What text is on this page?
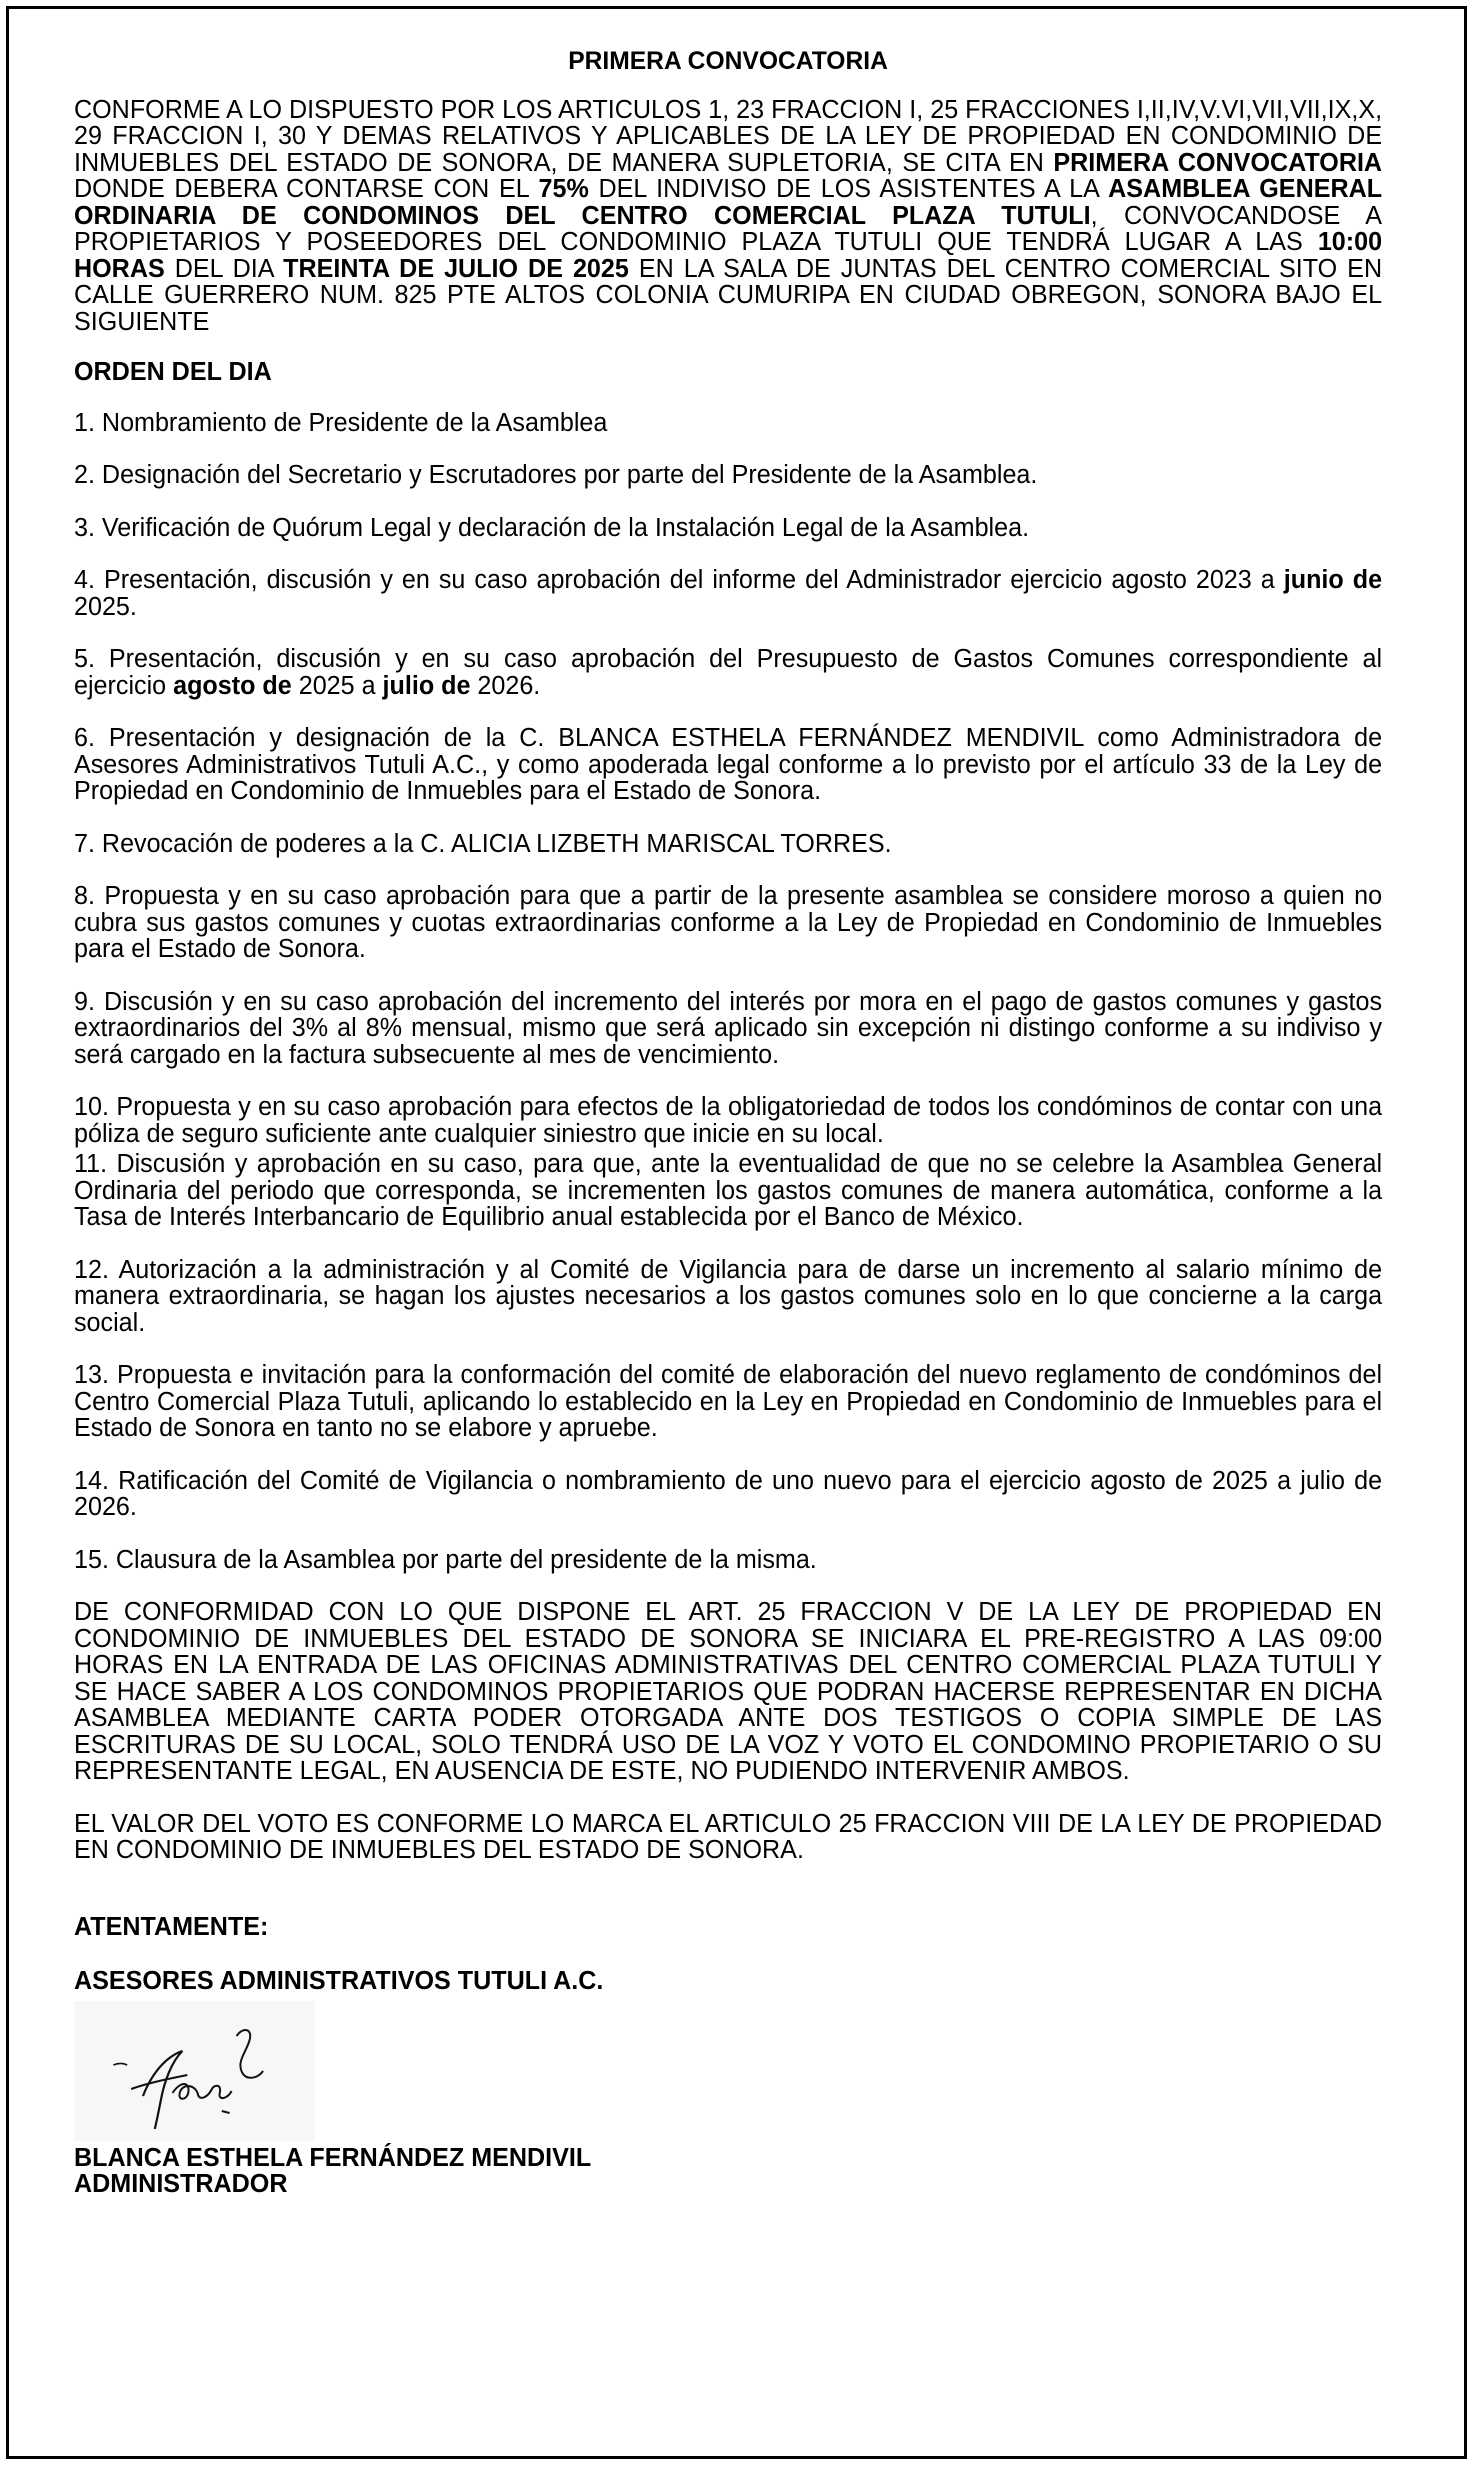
PRIMERA CONVOCATORIA

CONFORME A LO DISPUESTO POR LOS ARTICULOS 1, 23 FRACCION I, 25 FRACCIONES I,II,IV,V.VI,VII,VII,IX,X, 29 FRACCION I, 30 Y DEMAS RELATIVOS Y APLICABLES DE LA LEY DE PROPIEDAD EN CONDOMINIO DE INMUEBLES DEL ESTADO DE SONORA, DE MANERA SUPLETORIA, SE CITA EN PRIMERA CONVOCATORIA DONDE DEBERA CONTARSE CON EL 75% DEL INDIVISO DE LOS ASISTENTES A LA ASAMBLEA GENERAL ORDINARIA DE CONDOMINOS DEL CENTRO COMERCIAL PLAZA TUTULI, CONVOCANDOSE A PROPIETARIOS Y POSEEDORES DEL CONDOMINIO PLAZA TUTULI QUE TENDRÁ LUGAR A LAS 10:00 HORAS DEL DIA TREINTA DE JULIO DE 2025 EN LA SALA DE JUNTAS DEL CENTRO COMERCIAL SITO EN CALLE GUERRERO NUM. 825 PTE ALTOS COLONIA CUMURIPA EN CIUDAD OBREGON, SONORA BAJO EL SIGUIENTE

ORDEN DEL DIA

1. Nombramiento de Presidente de la Asamblea

2. Designación del Secretario y Escrutadores por parte del Presidente de la Asamblea.

3. Verificación de Quórum Legal y declaración de la Instalación Legal de la Asamblea.

4. Presentación, discusión y en su caso aprobación del informe del Administrador ejercicio agosto 2023 a junio de 2025.

5. Presentación, discusión y en su caso aprobación del Presupuesto de Gastos Comunes correspondiente al ejercicio agosto de 2025 a julio de 2026.

6. Presentación y designación de la C. BLANCA ESTHELA FERNÁNDEZ MENDIVIL como Administradora de Asesores Administrativos Tutuli A.C., y como apoderada legal conforme a lo previsto por el artículo 33 de la Ley de Propiedad en Condominio de Inmuebles para el Estado de Sonora.

7. Revocación de poderes a la C. ALICIA LIZBETH MARISCAL TORRES.

8. Propuesta y en su caso aprobación para que a partir de la presente asamblea se considere moroso a quien no cubra sus gastos comunes y cuotas extraordinarias conforme a la Ley de Propiedad en Condominio de Inmuebles para el Estado de Sonora.

9. Discusión y en su caso aprobación del incremento del interés por mora en el pago de gastos comunes y gastos extraordinarios del 3% al 8% mensual, mismo que será aplicado sin excepción ni distingo conforme a su indiviso y será cargado en la factura subsecuente al mes de vencimiento.

10. Propuesta y en su caso aprobación para efectos de la obligatoriedad de todos los condóminos de contar con una póliza de seguro suficiente ante cualquier siniestro que inicie en su local.

11. Discusión y aprobación en su caso, para que, ante la eventualidad de que no se celebre la Asamblea General Ordinaria del periodo que corresponda, se incrementen los gastos comunes de manera automática, conforme a la Tasa de Interés Interbancario de Equilibrio anual establecida por el Banco de México.

12. Autorización a la administración y al Comité de Vigilancia para de darse un incremento al salario mínimo de manera extraordinaria, se hagan los ajustes necesarios a los gastos comunes solo en lo que concierne a la carga social.

13. Propuesta e invitación para la conformación del comité de elaboración del nuevo reglamento de condóminos del Centro Comercial Plaza Tutuli, aplicando lo establecido en la Ley en Propiedad en Condominio de Inmuebles para el Estado de Sonora en tanto no se elabore y apruebe.

14. Ratificación del Comité de Vigilancia o nombramiento de uno nuevo para el ejercicio agosto de 2025 a julio de 2026.

15. Clausura de la Asamblea por parte del presidente de la misma.

DE CONFORMIDAD CON LO QUE DISPONE EL ART. 25 FRACCION V DE LA LEY DE PROPIEDAD EN CONDOMINIO DE INMUEBLES DEL ESTADO DE SONORA SE INICIARA EL PRE-REGISTRO A LAS 09:00 HORAS EN LA ENTRADA DE LAS OFICINAS ADMINISTRATIVAS DEL CENTRO COMERCIAL PLAZA TUTULI Y SE HACE SABER A LOS CONDOMINOS PROPIETARIOS QUE PODRAN HACERSE REPRESENTAR EN DICHA ASAMBLEA MEDIANTE CARTA PODER OTORGADA ANTE DOS TESTIGOS O COPIA SIMPLE DE LAS ESCRITURAS DE SU LOCAL, SOLO TENDRÁ USO DE LA VOZ Y VOTO EL CONDOMINO PROPIETARIO O SU REPRESENTANTE LEGAL, EN AUSENCIA DE ESTE, NO PUDIENDO INTERVENIR AMBOS.

EL VALOR DEL VOTO ES CONFORME LO MARCA EL ARTICULO 25 FRACCION VIII DE LA LEY DE PROPIEDAD EN CONDOMINIO DE INMUEBLES DEL ESTADO DE SONORA.

ATENTAMENTE:
ASESORES ADMINISTRATIVOS TUTULI A.C.
BLANCA ESTHELA FERNÁNDEZ MENDIVIL
ADMINISTRADOR
